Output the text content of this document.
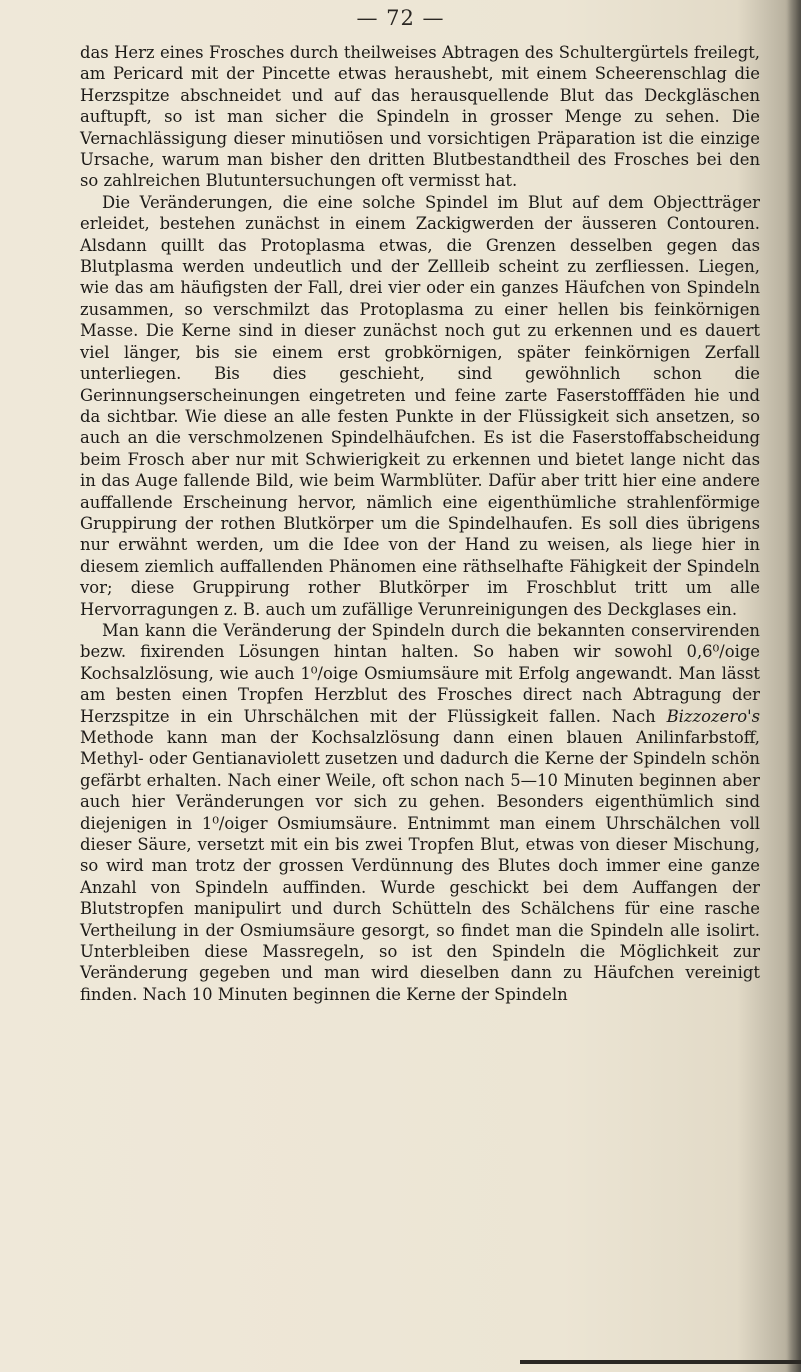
— 72 —

das Herz eines Frosches durch theilweises Abtragen des Schultergürtels freilegt, am Pericard mit der Pincette etwas heraushebt, mit einem Scheerenschlag die Herzspitze abschneidet und auf das herausquellende Blut das Deckgläschen auftupft, so ist man sicher die Spindeln in grosser Menge zu sehen. Die Vernachlässigung dieser minutiösen und vorsichtigen Präparation ist die einzige Ursache, warum man bisher den dritten Blutbestandtheil des Frosches bei den so zahlreichen Blutuntersuchungen oft vermisst hat.

Die Veränderungen, die eine solche Spindel im Blut auf dem Objectträger erleidet, bestehen zunächst in einem Zackigwerden der äusseren Contouren. Alsdann quillt das Protoplasma etwas, die Grenzen desselben gegen das Blutplasma werden undeutlich und der Zellleib scheint zu zerfliessen. Liegen, wie das am häufigsten der Fall, drei vier oder ein ganzes Häufchen von Spindeln zusammen, so verschmilzt das Protoplasma zu einer hellen bis feinkörnigen Masse. Die Kerne sind in dieser zunächst noch gut zu erkennen und es dauert viel länger, bis sie einem erst grobkörnigen, später feinkörnigen Zerfall unterliegen. Bis dies geschieht, sind gewöhnlich schon die Gerinnungserscheinungen eingetreten und feine zarte Faserstofffäden hie und da sichtbar. Wie diese an alle festen Punkte in der Flüssigkeit sich ansetzen, so auch an die verschmolzenen Spindelhäufchen. Es ist die Faserstoffabscheidung beim Frosch aber nur mit Schwierigkeit zu erkennen und bietet lange nicht das in das Auge fallende Bild, wie beim Warmblüter. Dafür aber tritt hier eine andere auffallende Erscheinung hervor, nämlich eine eigenthümliche strahlenförmige Gruppirung der rothen Blutkörper um die Spindelhaufen. Es soll dies übrigens nur erwähnt werden, um die Idee von der Hand zu weisen, als liege hier in diesem ziemlich auffallenden Phänomen eine räthselhafte Fähigkeit der Spindeln vor; diese Gruppirung rother Blutkörper im Froschblut tritt um alle Hervorragungen z. B. auch um zufällige Verunreinigungen des Deckglases ein.

Man kann die Veränderung der Spindeln durch die bekannten conservirenden bezw. fixirenden Lösungen hintan halten. So haben wir sowohl 0,6⁰/oige Kochsalzlösung, wie auch 1⁰/oige Osmiumsäure mit Erfolg angewandt. Man lässt am besten einen Tropfen Herzblut des Frosches direct nach Abtragung der Herzspitze in ein Uhrschälchen mit der Flüssigkeit fallen. Nach Bizzozero's Methode kann man der Kochsalzlösung dann einen blauen Anilinfarbstoff, Methyl- oder Gentianaviolett zusetzen und dadurch die Kerne der Spindeln schön gefärbt erhalten. Nach einer Weile, oft schon nach 5—10 Minuten beginnen aber auch hier Veränderungen vor sich zu gehen. Besonders eigenthümlich sind diejenigen in 1⁰/oiger Osmiumsäure. Entnimmt man einem Uhrschälchen voll dieser Säure, versetzt mit ein bis zwei Tropfen Blut, etwas von dieser Mischung, so wird man trotz der grossen Verdünnung des Blutes doch immer eine ganze Anzahl von Spindeln auffinden. Wurde geschickt bei dem Auffangen der Blutstropfen manipulirt und durch Schütteln des Schälchens für eine rasche Vertheilung in der Osmiumsäure gesorgt, so findet man die Spindeln alle isolirt. Unterbleiben diese Massregeln, so ist den Spindeln die Möglichkeit zur Veränderung gegeben und man wird dieselben dann zu Häufchen vereinigt finden. Nach 10 Minuten beginnen die Kerne der Spindeln
